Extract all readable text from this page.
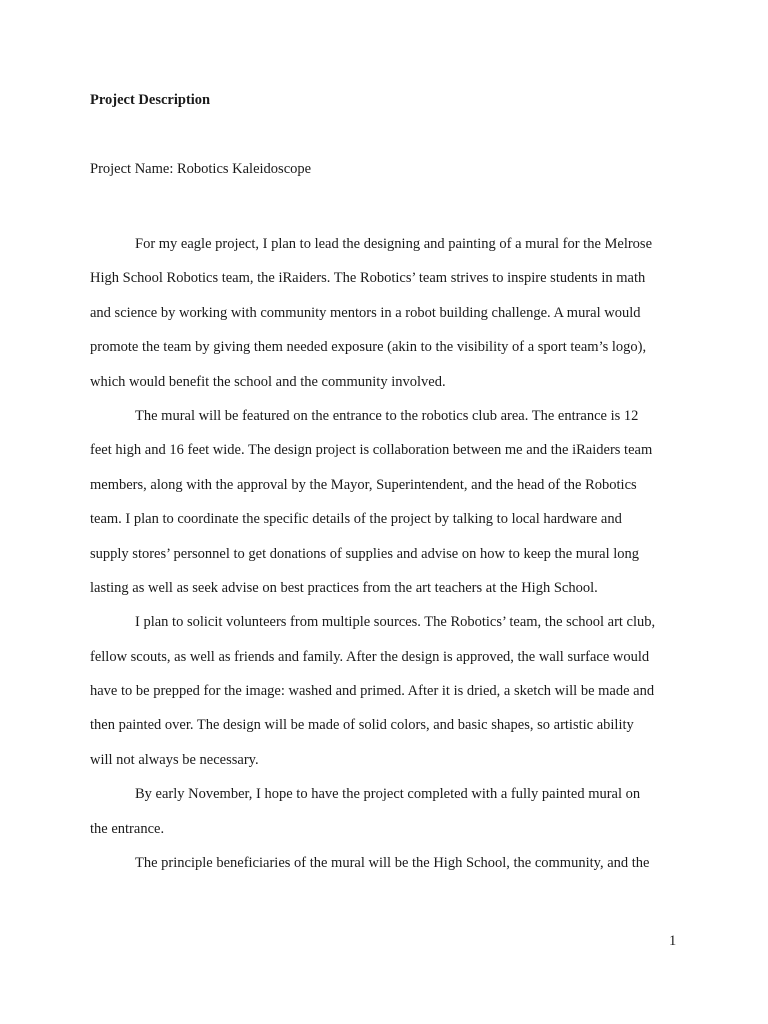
Project Description
Project Name: Robotics Kaleidoscope

For my eagle project, I plan to lead the designing and painting of a mural for the Melrose
High School Robotics team, the iRaiders. The Robotics’ team strives to inspire students in math
and science by working with community mentors in a robot building challenge. A mural would
promote the team by giving them needed exposure (akin to the visibility of a sport team’s logo),
which would benefit the school and the community involved.

The mural will be featured on the entrance to the robotics club area. The entrance is 12
feet high and 16 feet wide. The design project is collaboration between me and the iRaiders team
members, along with the approval by the Mayor, Superintendent, and the head of the Robotics
team. I plan to coordinate the specific details of the project by talking to local hardware and
supply stores’ personnel to get donations of supplies and advise on how to keep the mural long
lasting as well as seek advise on best practices from the art teachers at the High School.

I plan to solicit volunteers from multiple sources. The Robotics’ team, the school art club,
fellow scouts, as well as friends and family. After the design is approved, the wall surface would
have to be prepped for the image: washed and primed. After it is dried, a sketch will be made and
then painted over. The design will be made of solid colors, and basic shapes, so artistic ability
will not always be necessary.

By early November, I hope to have the project completed with a fully painted mural on
the entrance.

The principle beneficiaries of the mural will be the High School, the community, and the

1
